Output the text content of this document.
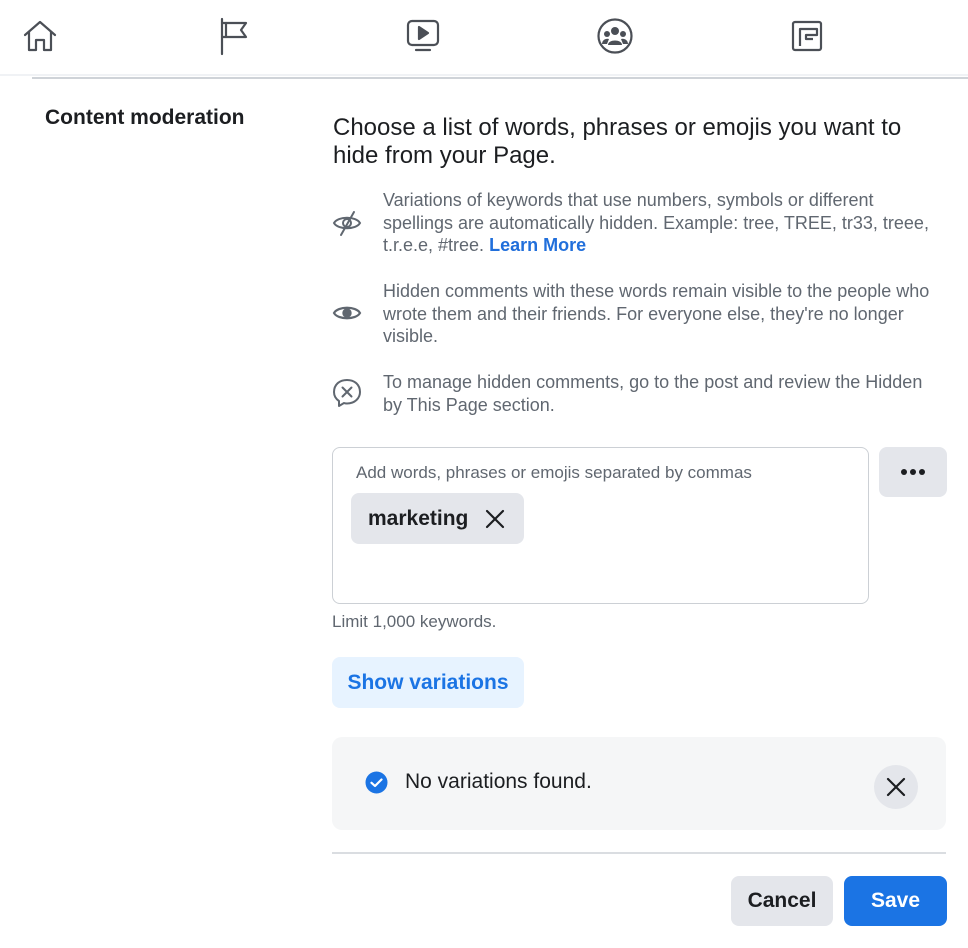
Content moderation	Choose a list of words, phrases or emojis you want to hide from your Page.
Variations of keywords that use numbers, symbols or different spellings are automatically hidden. Example: tree, TREE, tr33, treee, t.r.e.e, #tree. Learn More
Hidden comments with these words remain visible to the people who wrote them and their friends. For everyone else, they're no longer visible.
To manage hidden comments, go to the post and review the Hidden by This Page section.
Add words, phrases or emojis separated by commas
marketing
Limit 1,000 keywords.
Show variations
No variations found.
Cancel	Save
